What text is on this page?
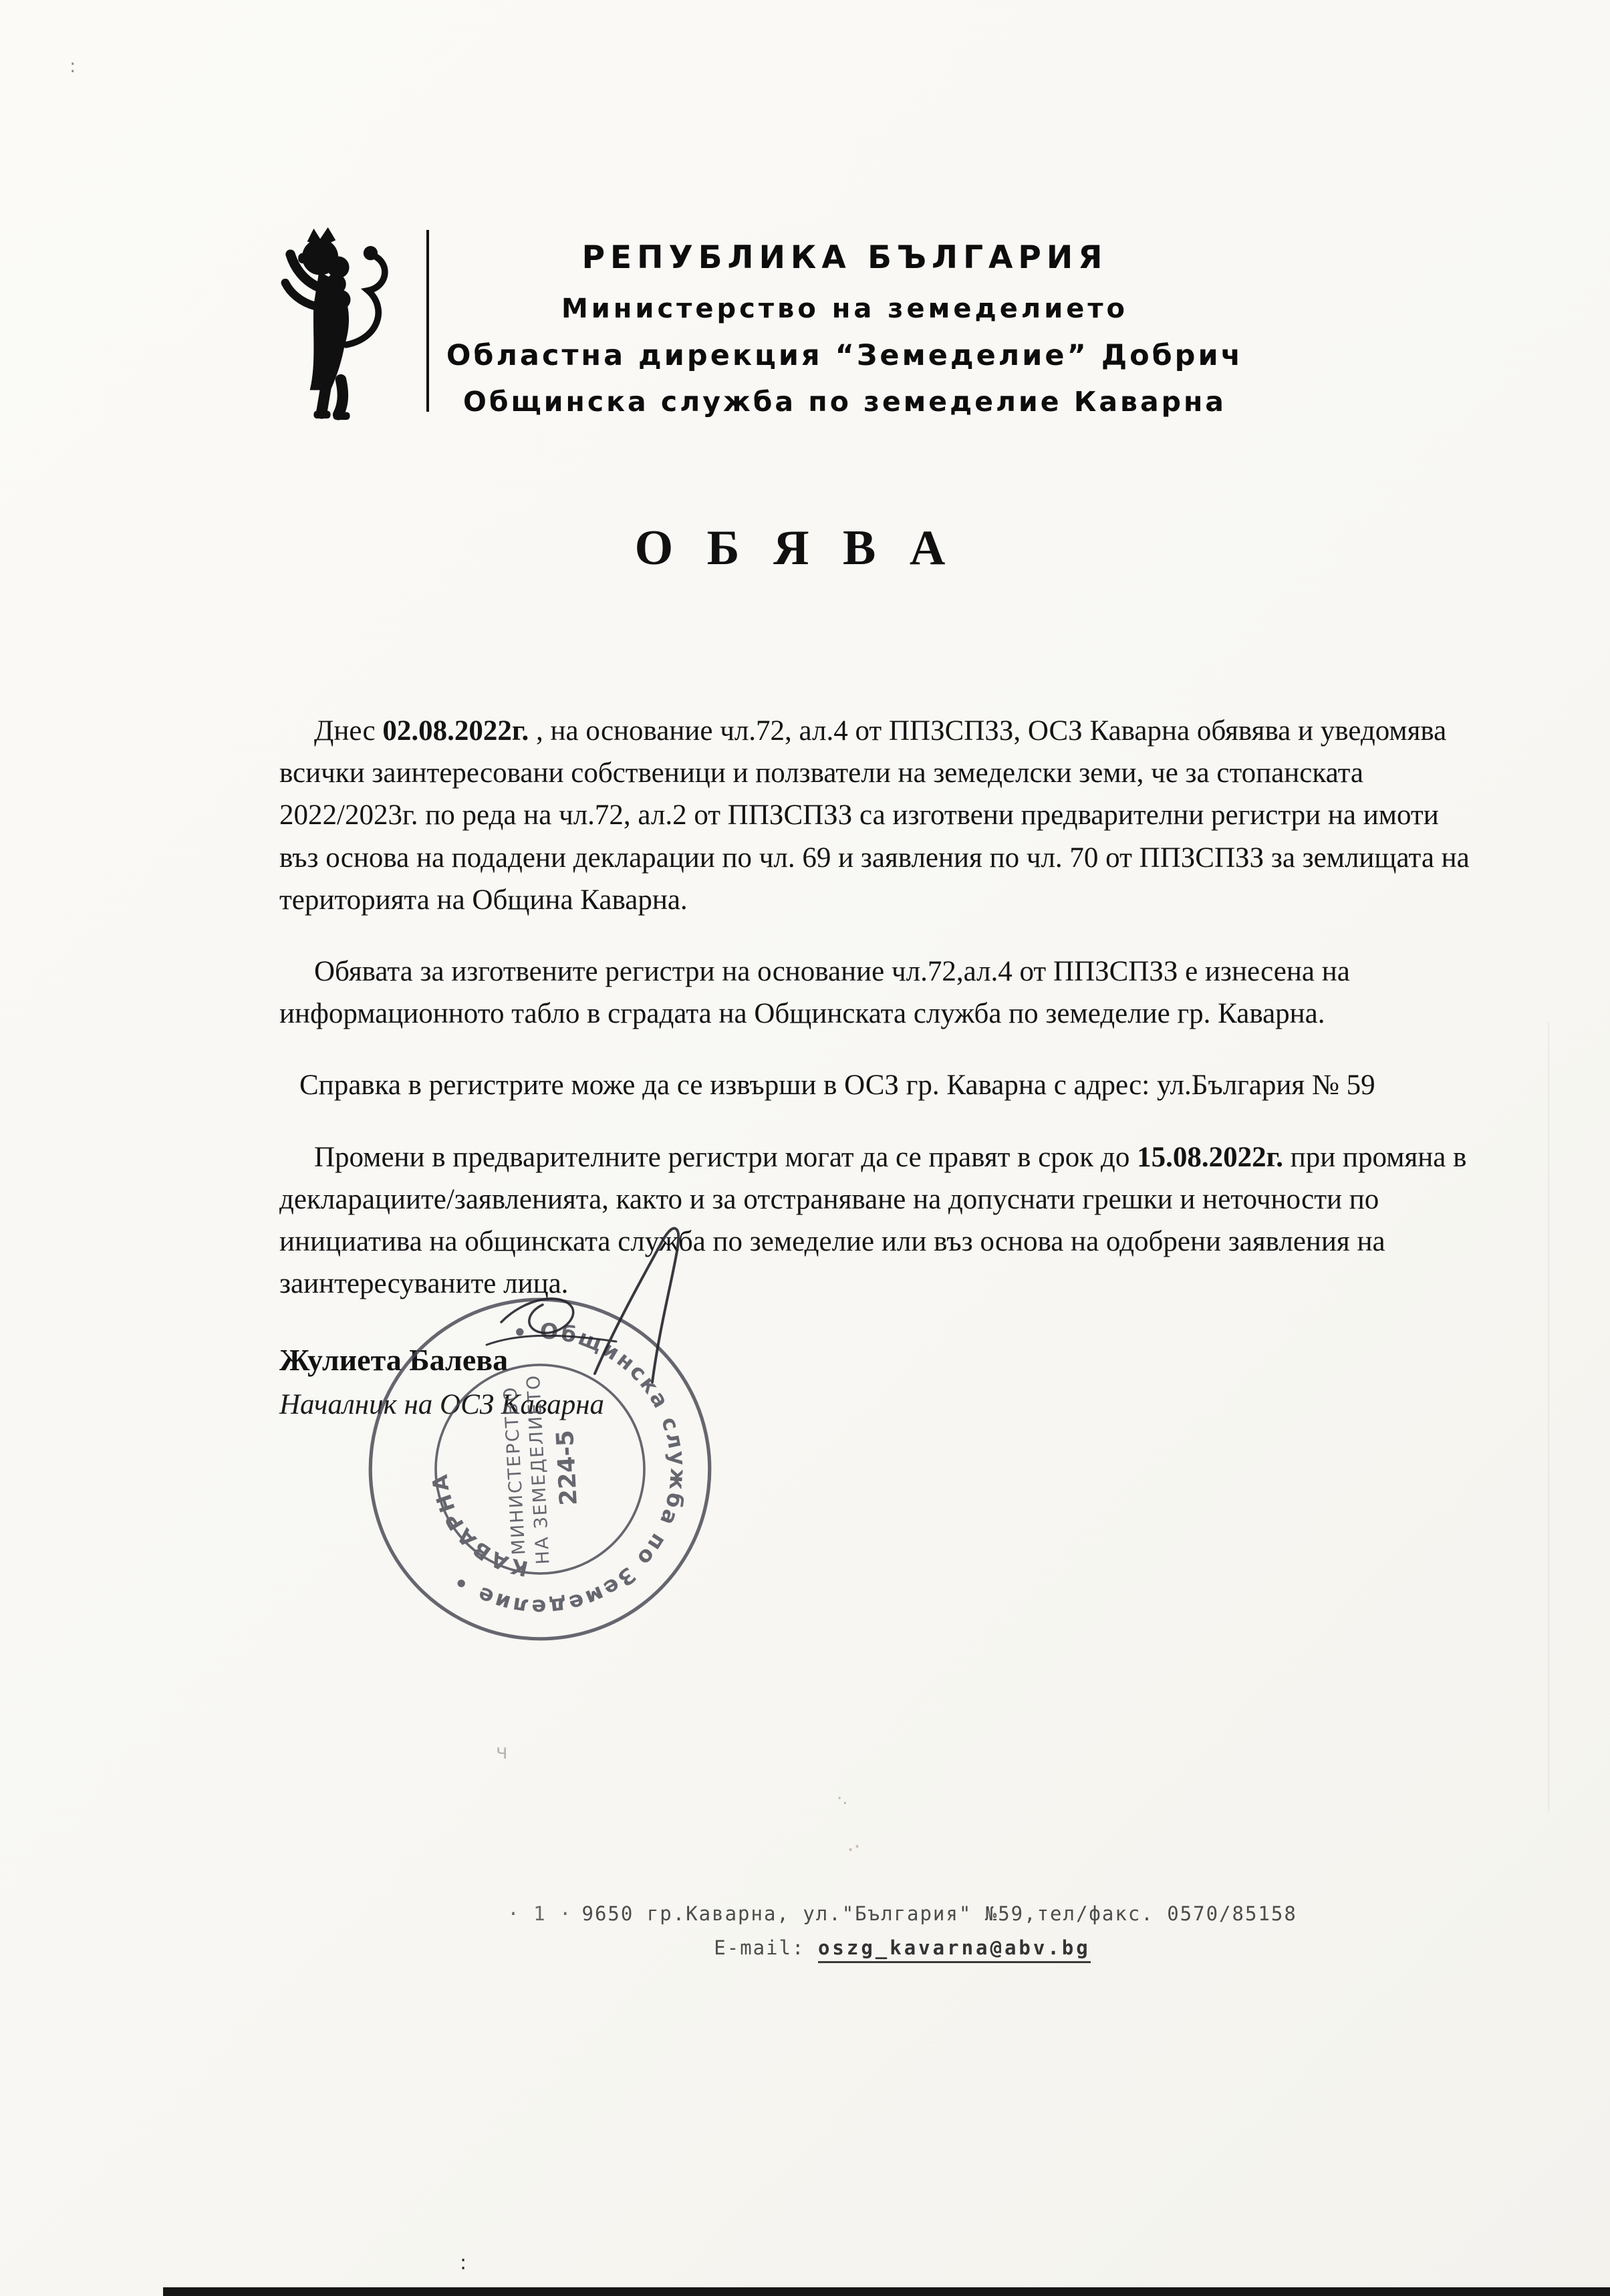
:
РЕПУБЛИКА БЪЛГАРИЯ
Министерство на земеделието
Областна дирекция “Земеделие” Добрич
Общинска служба по земеделие Каварна
О Б Я В А

Днес 02.08.2022г. , на основание чл.72, ал.4 от ППЗСПЗЗ, ОСЗ Каварна обявява и уведомява всички заинтересовани собственици и ползватели на земеделски земи, че за стопанската 2022/2023г. по реда на чл.72, ал.2 от ППЗСПЗЗ са изготвени предварителни регистри на имоти въз основа на подадени декларации по чл. 69 и заявления по чл. 70 от ППЗСПЗЗ за землищата на територията на Община Каварна.

Обявата за изготвените регистри на основание чл.72,ал.4 от ППЗСПЗЗ е изнесена на информационното табло в сградата на Общинската служба по земеделие гр. Каварна.

Справка в регистрите може да се извърши в ОСЗ гр. Каварна с адрес: ул.България № 59

Промени в предварителните регистри могат да се правят в срок до 15.08.2022г. при промяна в декларациите/заявленията, както и за отстраняване на допуснати грешки и неточности по инициатива на общинската служба по земеделие или въз основа на одобрени заявления на заинтересуваните лица.

Жулиета Балева
Началник на ОСЗ Каварна
• Общинска служба по Земеделие •
КАВАРНА	МИНИСТЕРСТВО
НА ЗЕМЕДЕЛИЕТО
224-5
ч
·.
⸳·
· 1 · 9650 гр.Каварна, ул."България" №59,тел/факс. 0570/85158
E-mail: oszg_kavarna@abv.bg
:
